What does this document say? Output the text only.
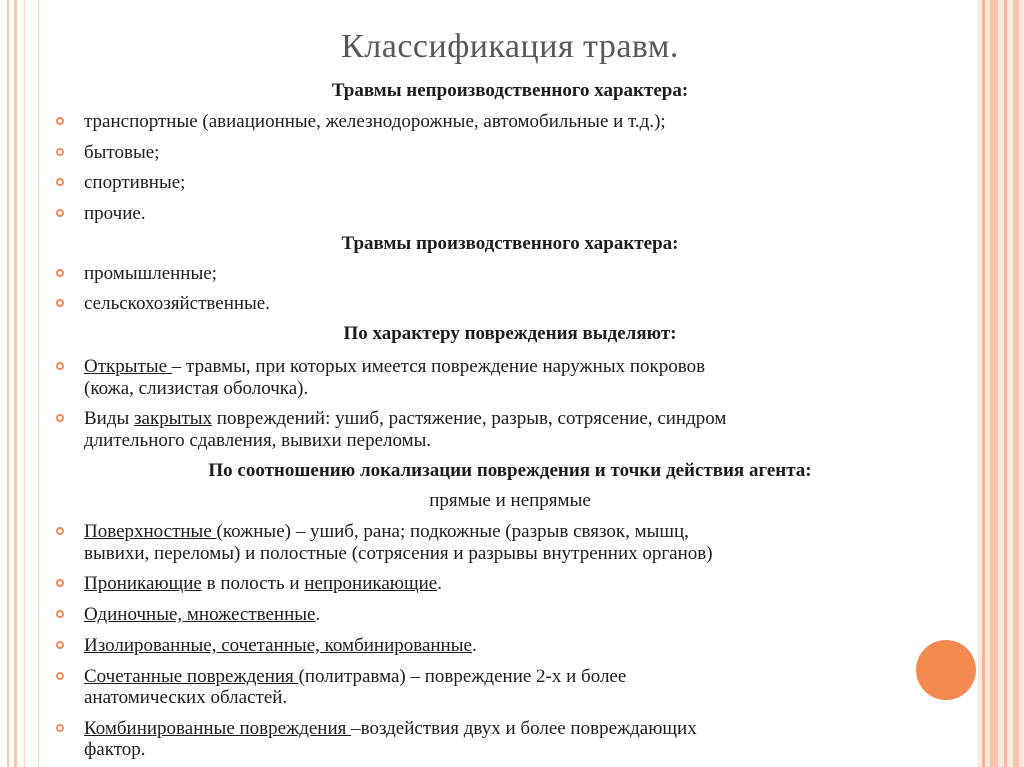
Классификация травм.
Травмы непроизводственного характера:
транспортные (авиационные, железнодорожные, автомобильные и т.д.);
бытовые;
спортивные;
прочие.
Травмы производственного характера:
промышленные;
сельскохозяйственные.
По характеру повреждения выделяют:
Открытые – травмы, при которых имеется повреждение наружных покровов
(кожа, слизистая оболочка).
Виды закрытых повреждений: ушиб, растяжение, разрыв, сотрясение, синдром
длительного сдавления, вывихи переломы.
По соотношению локализации повреждения и точки действия агента:
прямые и непрямые
Поверхностные (кожные) – ушиб, рана; подкожные (разрыв связок, мышц,
вывихи, переломы) и полостные (сотрясения и разрывы внутренних органов)
Проникающие в полость и непроникающие.
Одиночные, множественные.
Изолированные, сочетанные, комбинированные.
Сочетанные повреждения (политравма) – повреждение 2-х и более
анатомических областей.
Комбинированные повреждения –воздействия двух и более повреждающих
фактор.
